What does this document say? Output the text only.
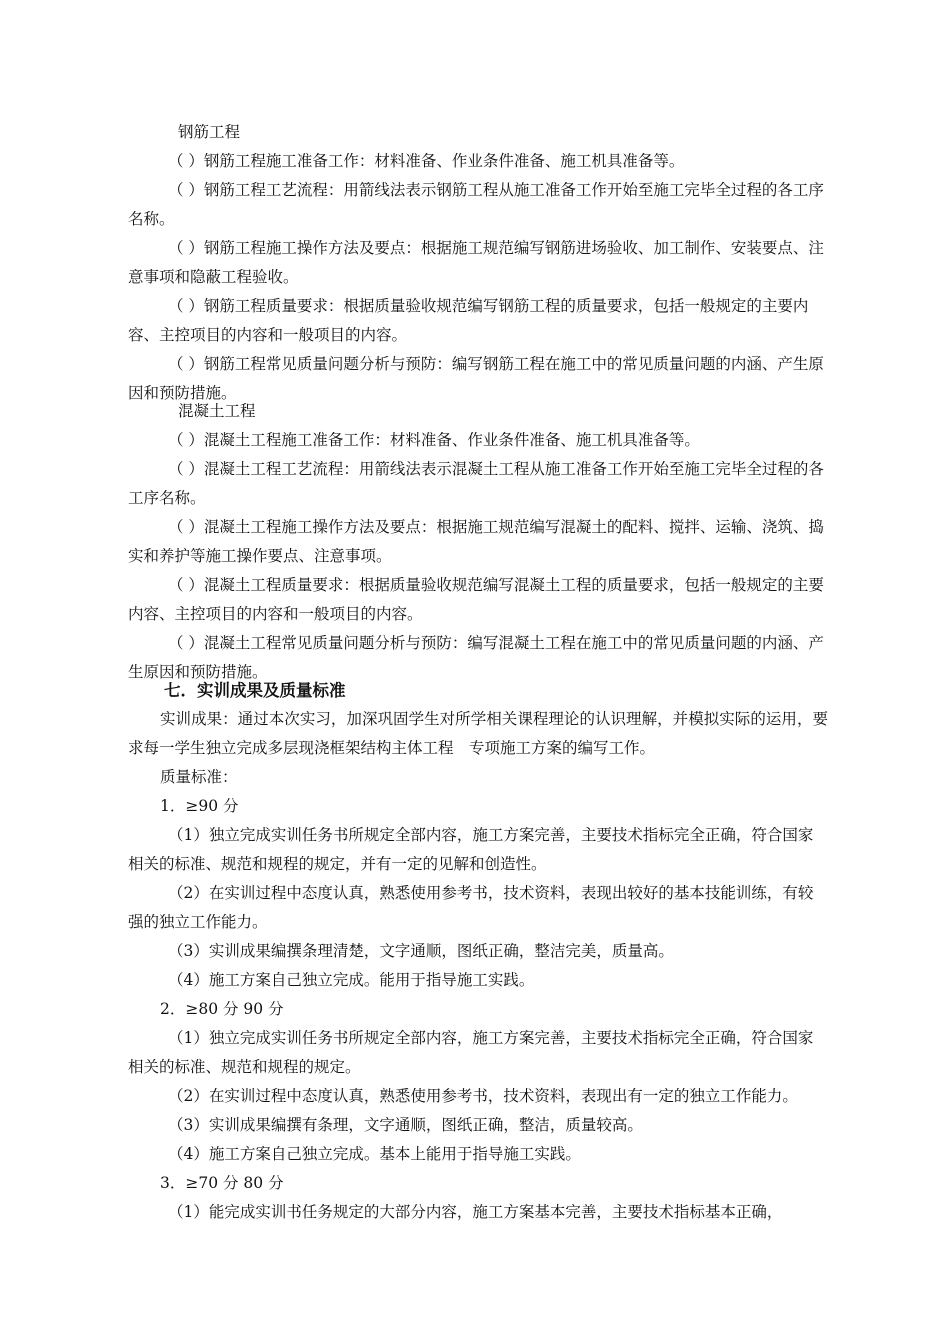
钢筋工程

（ ）钢筋工程施工准备工作：材料准备、作业条件准备、施工机具准备等。

（ ）钢筋工程工艺流程：用箭线法表示钢筋工程从施工准备工作开始至施工完毕全过程的各工序名称。

（ ）钢筋工程施工操作方法及要点：根据施工规范编写钢筋进场验收、加工制作、安装要点、注意事项和隐蔽工程验收。

（ ）钢筋工程质量要求：根据质量验收规范编写钢筋工程的质量要求，包括一般规定的主要内容、主控项目的内容和一般项目的内容。

（ ）钢筋工程常见质量问题分析与预防：编写钢筋工程在施工中的常见质量问题的内涵、产生原因和预防措施。

混凝土工程

（ ）混凝土工程施工准备工作：材料准备、作业条件准备、施工机具准备等。

（ ）混凝土工程工艺流程：用箭线法表示混凝土工程从施工准备工作开始至施工完毕全过程的各工序名称。

（ ）混凝土工程施工操作方法及要点：根据施工规范编写混凝土的配料、搅拌、运输、浇筑、捣实和养护等施工操作要点、注意事项。

（ ）混凝土工程质量要求：根据质量验收规范编写混凝土工程的质量要求，包括一般规定的主要内容、主控项目的内容和一般项目的内容。

（ ）混凝土工程常见质量问题分析与预防：编写混凝土工程在施工中的常见质量问题的内涵、产生原因和预防措施。

七．实训成果及质量标准

实训成果：通过本次实习，加深巩固学生对所学相关课程理论的认识理解，并模拟实际的运用，要求每一学生独立完成多层现浇框架结构主体工程　专项施工方案的编写工作。

质量标准：

1．≥90 分

（1）独立完成实训任务书所规定全部内容，施工方案完善，主要技术指标完全正确，符合国家相关的标准、规范和规程的规定，并有一定的见解和创造性。

（2）在实训过程中态度认真，熟悉使用参考书，技术资料，表现出较好的基本技能训练，有较强的独立工作能力。

（3）实训成果编撰条理清楚，文字通顺，图纸正确，整洁完美，质量高。

（4）施工方案自己独立完成。能用于指导施工实践。

2．≥80 分 90 分

（1）独立完成实训任务书所规定全部内容，施工方案完善，主要技术指标完全正确，符合国家相关的标准、规范和规程的规定。

（2）在实训过程中态度认真，熟悉使用参考书，技术资料，表现出有一定的独立工作能力。

（3）实训成果编撰有条理，文字通顺，图纸正确，整洁，质量较高。

（4）施工方案自己独立完成。基本上能用于指导施工实践。

3．≥70 分 80 分

（1）能完成实训书任务规定的大部分内容，施工方案基本完善，主要技术指标基本正确，
